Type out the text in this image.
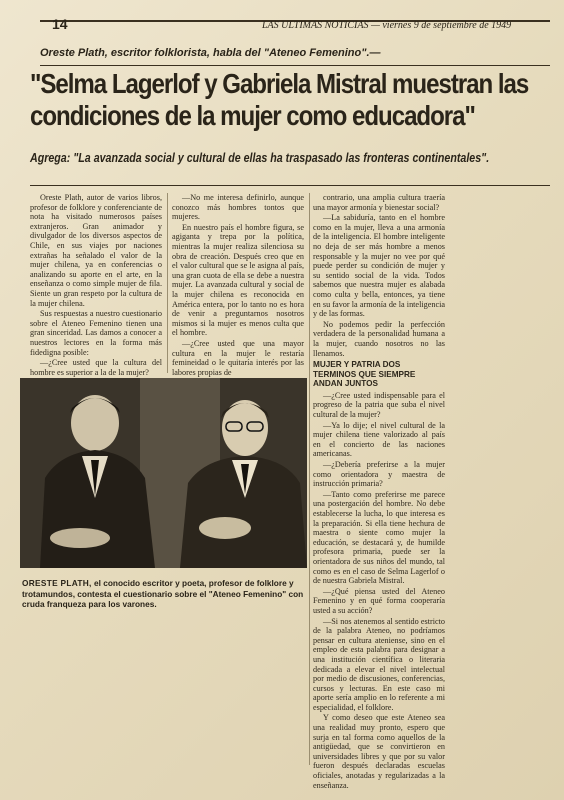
14	LAS ULTIMAS NOTICIAS — viernes 9 de septiembre de 1949
Oreste Plath, escritor folklorista, habla del "Ateneo Femenino".—
"Selma Lagerlof y Gabriela Mistral muestran las condiciones de la mujer como educadora"
Agrega: "La avanzada social y cultural de ellas ha traspasado las fronteras continentales".

Oreste Plath, autor de varios libros, profesor de folklore y conferenciante de nota ha visitado numerosos países extranjeros. Gran animador y divulgador de los diversos aspectos de Chile, en sus viajes por naciones extrañas ha señalado el valor de la mujer chilena, ya en conferencias o analizando su aporte en el arte, en la enseñanza o como simple mujer de fila. Siente un gran respeto por la cultura de la mujer chilena.

Sus respuestas a nuestro cuestionario sobre el Ateneo Femenino tienen una gran sinceridad. Las damos a conocer a nuestros lectores en la forma más fidedigna posible:

—¿Cree usted que la cultura del hombre es superior a la de la mujer?

—No me interesa definirlo, aunque conozco más hombres tontos que mujeres.

En nuestro país el hombre figura, se agiganta y trepa por la política, mientras la mujer realiza silenciosa su obra de creación. Después creo que en el valor cultural que se le asigna al país, una gran cuota de ella se debe a nuestra mujer. La avanzada cultural y social de la mujer chilena es reconocida en América entera, por lo tanto no es hora de venir a preguntarnos nosotros mismos si la mujer es menos culta que el hombre.

—¿Cree usted que una mayor cultura en la mujer le restaría femineidad o le quitaría interés por las labores propias de

contrario, una amplia cultura traería una mayor armonía y bienestar social?

—La sabiduría, tanto en el hombre como en la mujer, lleva a una armonía de la inteligencia. El hombre inteligente no deja de ser más hombre a menos responsable y la mujer no vee por qué puede perder su condición de mujer y su sentido social de la vida. Todos sabemos que nuestra mujer es alabada como culta y bella, entonces, ya tiene en su favor la armonía de la inteligencia y de las formas.

No podemos pedir la perfección verdadera de la personalidad humana a la mujer, cuando nosotros no las llenamos.

MUJER Y PATRIA DOS TERMINOS QUE SIEMPRE ANDAN JUNTOS

—¿Cree usted indispensable para el progreso de la patria que suba el nivel cultural de la mujer?

—Ya lo dije; el nivel cultural de la mujer chilena tiene valorizado al país en el concierto de las naciones americanas.

—¿Debería preferirse a la mujer como orientadora y maestra de instrucción primaria?

—Tanto como preferirse me parece una postergación del hombre. No debe establecerse la lucha, lo que interesa es la preparación. Si ella tiene hechura de maestra o siente como mujer la educación, se destacará y, de humilde profesora primaria, puede ser la orientadora de sus niños del mundo, tal como es en el caso de Selma Lagerlof o de nuestra Gabriela Mistral.

—¿Qué piensa usted del Ateneo Femenino y en qué forma cooperaría usted a su acción?

—Si nos atenemos al sentido estricto de la palabra Ateneo, no podríamos pensar en cultura ateniense, sino en el empleo de esta palabra para designar a una institución científica o literaria dedicada a elevar el nivel intelectual por medio de discusiones, conferencias, cursos y lecturas. En este caso mi aporte sería amplio en lo referente a mi especialidad, el folklore.

Y como deseo que este Ateneo sea una realidad muy pronto, espero que surja en tal forma como aquellos de la antigüedad, que se convirtieron en universidades libres y que por su valor fueron después declaradas escuelas oficiales, anotadas y regularizadas a la enseñanza.

ORESTE PLATH, el conocido escritor y poeta, profesor de folklore y trotamundos, contesta el cuestionario sobre el "Ateneo Femenino" con cruda franqueza para los varones.
